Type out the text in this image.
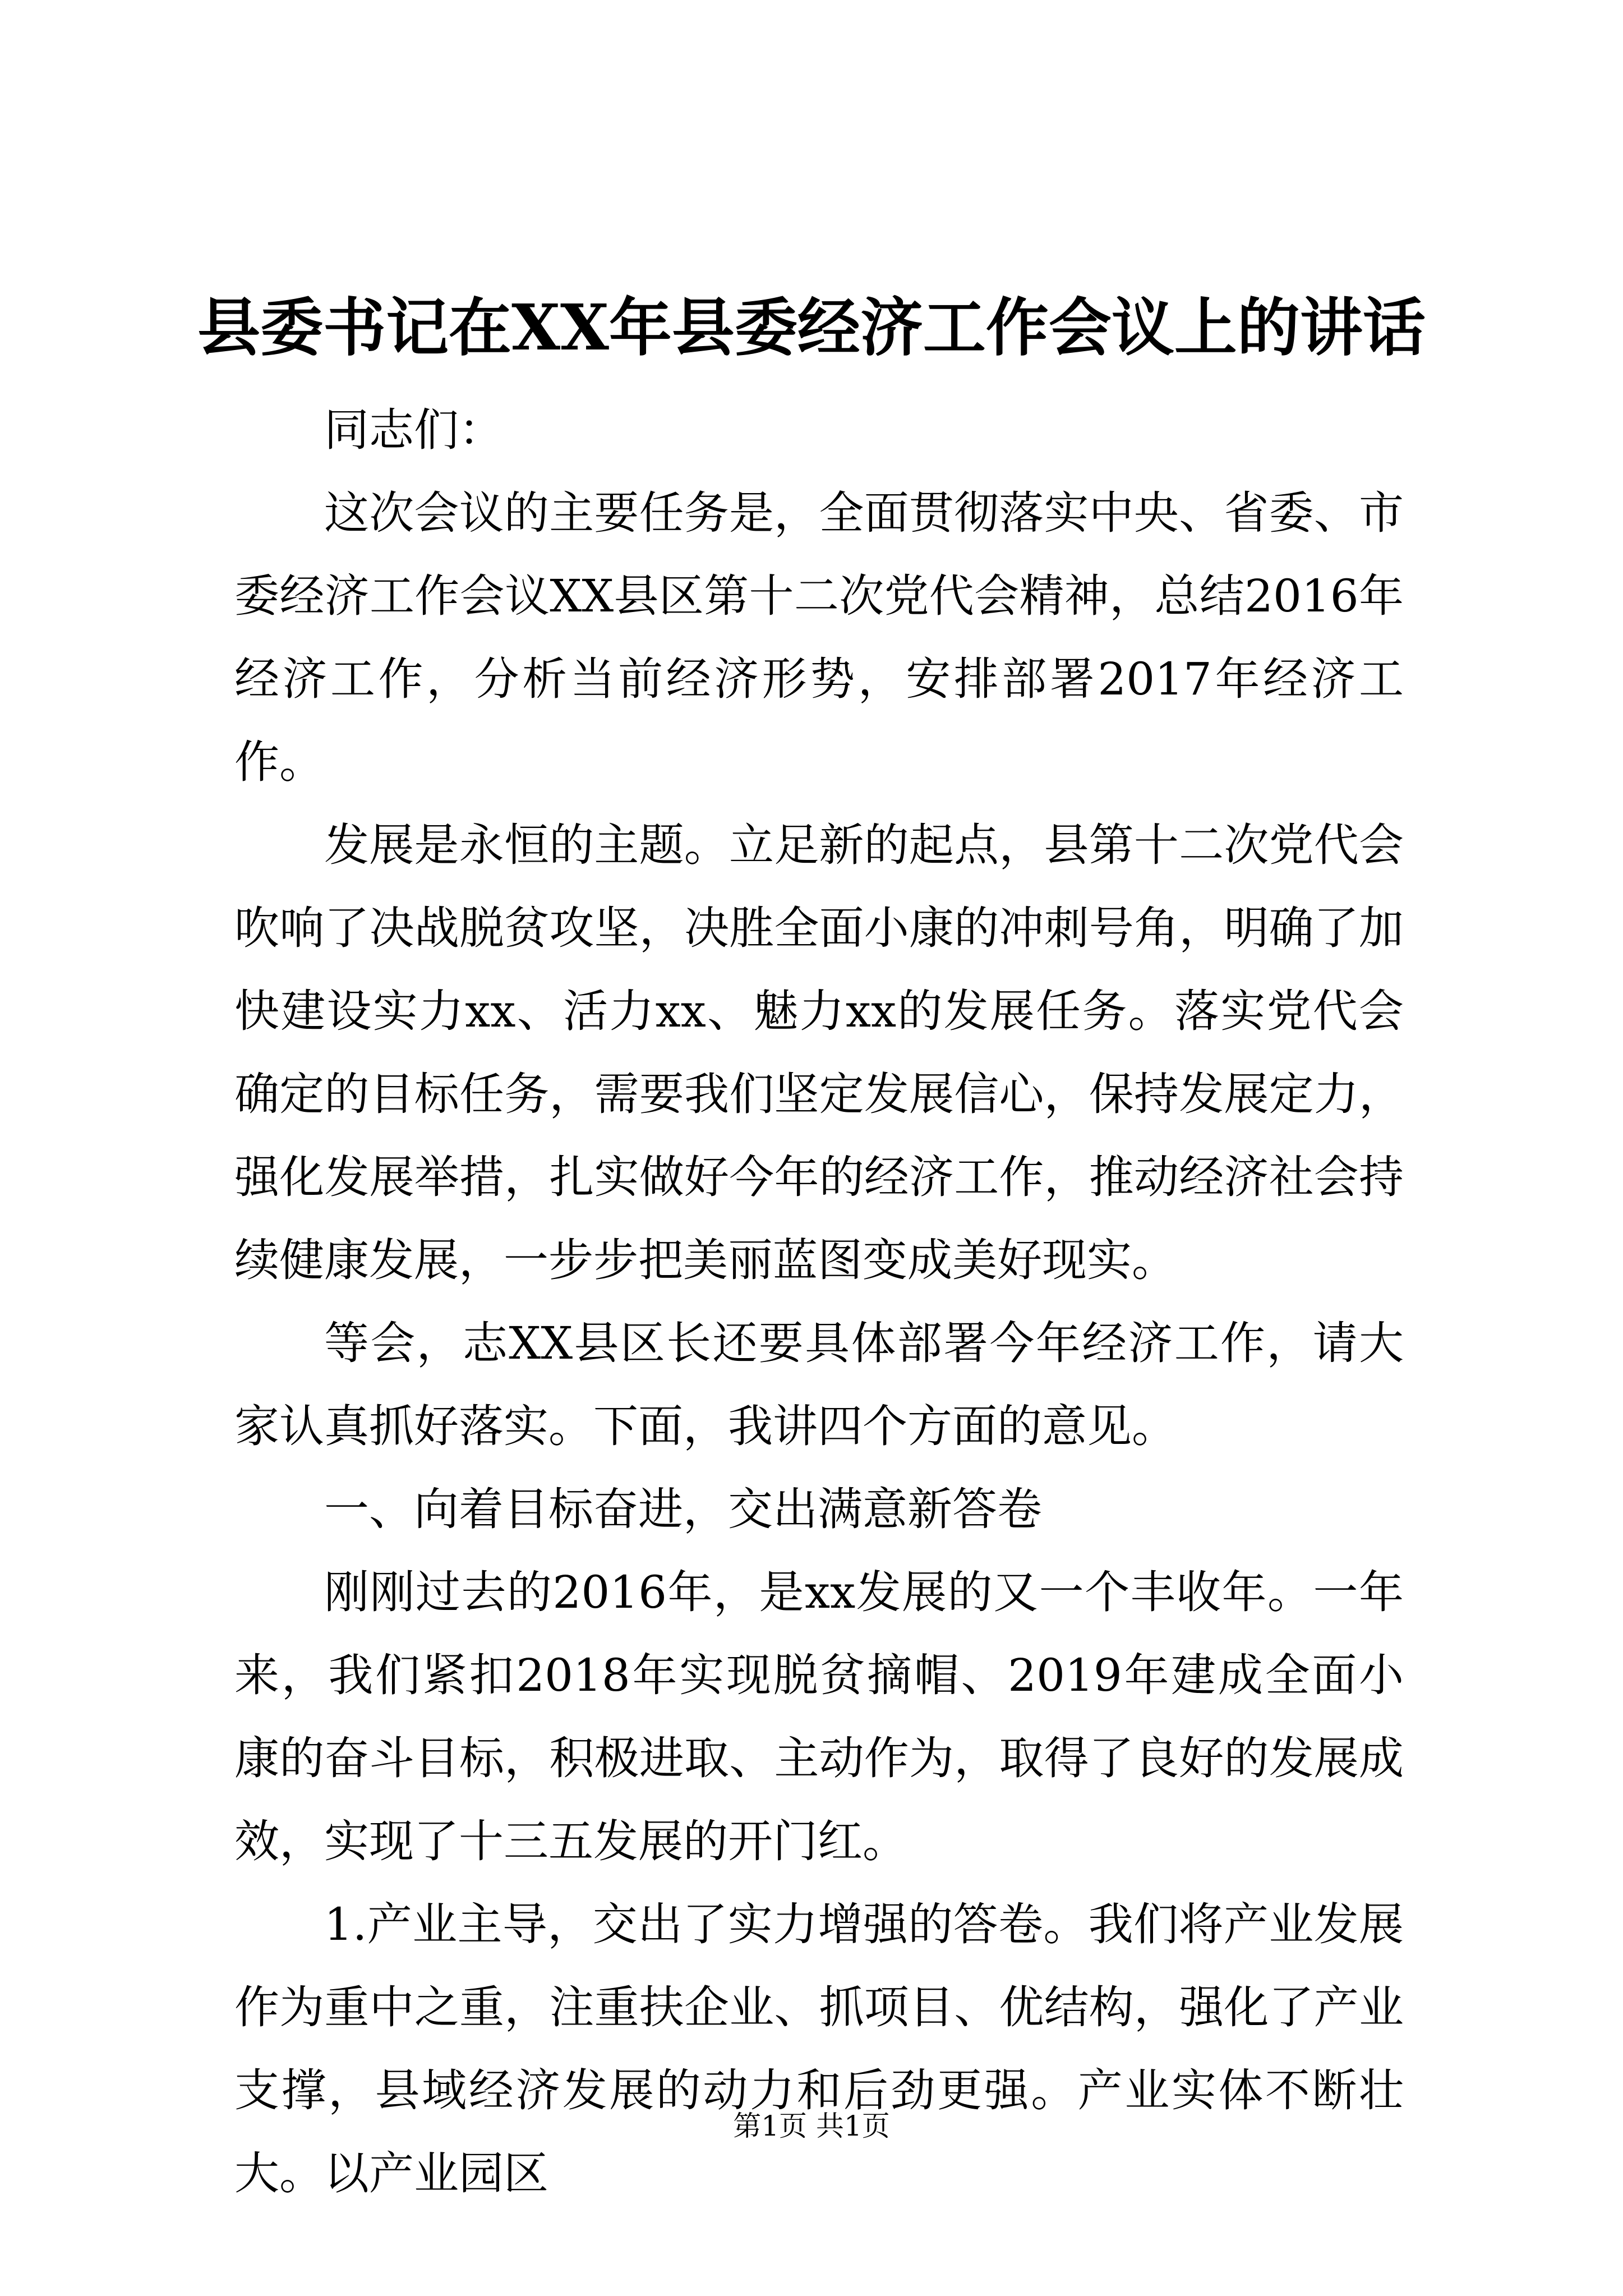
县委书记在XX年县委经济工作会议上的讲话

同志们：

这次会议的主要任务是，全面贯彻落实中央、省委、市委经济工作会议XX县区第十二次党代会精神，总结2016年经济工作，分析当前经济形势，安排部署2017年经济工作。

发展是永恒的主题。立足新的起点，县第十二次党代会吹响了决战脱贫攻坚，决胜全面小康的冲刺号角，明确了加快建设实力xx、活力xx、魅力xx的发展任务。落实党代会确定的目标任务，需要我们坚定发展信心，保持发展定力，强化发展举措，扎实做好今年的经济工作，推动经济社会持续健康发展，一步步把美丽蓝图变成美好现实。

等会，志XX县区长还要具体部署今年经济工作，请大家认真抓好落实。下面，我讲四个方面的意见。

一、向着目标奋进，交出满意新答卷

刚刚过去的2016年，是xx发展的又一个丰收年。一年来，我们紧扣2018年实现脱贫摘帽、2019年建成全面小康的奋斗目标，积极进取、主动作为，取得了良好的发展成效，实现了十三五发展的开门红。

1.产业主导，交出了实力增强的答卷。我们将产业发展作为重中之重，注重扶企业、抓项目、优结构，强化了产业支撑，县域经济发展的动力和后劲更强。产业实体不断壮大。以产业园区

第1页 共1页
